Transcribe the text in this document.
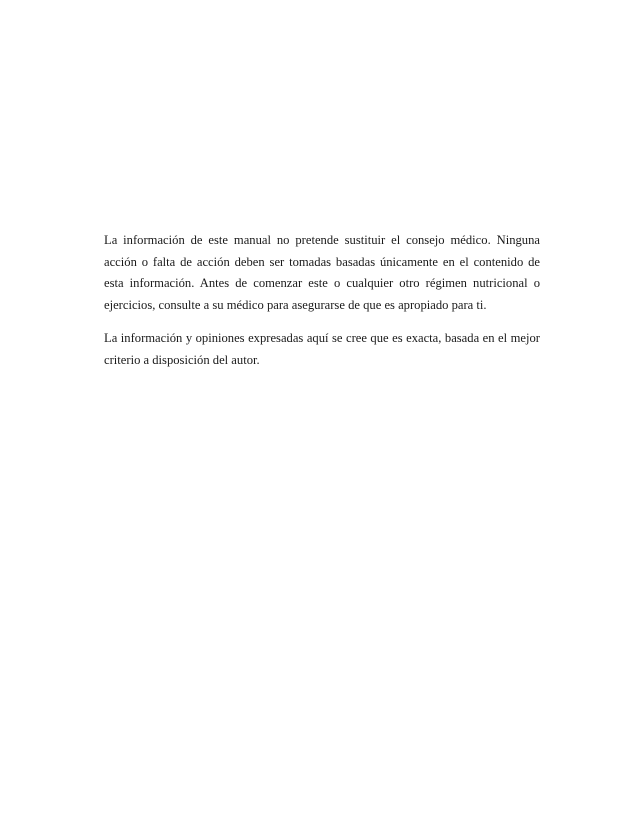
La información de este manual no pretende sustituir el consejo médico. Ninguna acción o falta de acción deben ser tomadas basadas únicamente en el contenido de esta información. Antes de comenzar este o cualquier otro régimen nutricional o ejercicios, consulte a su médico para asegurarse de que es apropiado para ti.

La información y opiniones expresadas aquí se cree que es exacta, basada en el mejor criterio a disposición del autor.
